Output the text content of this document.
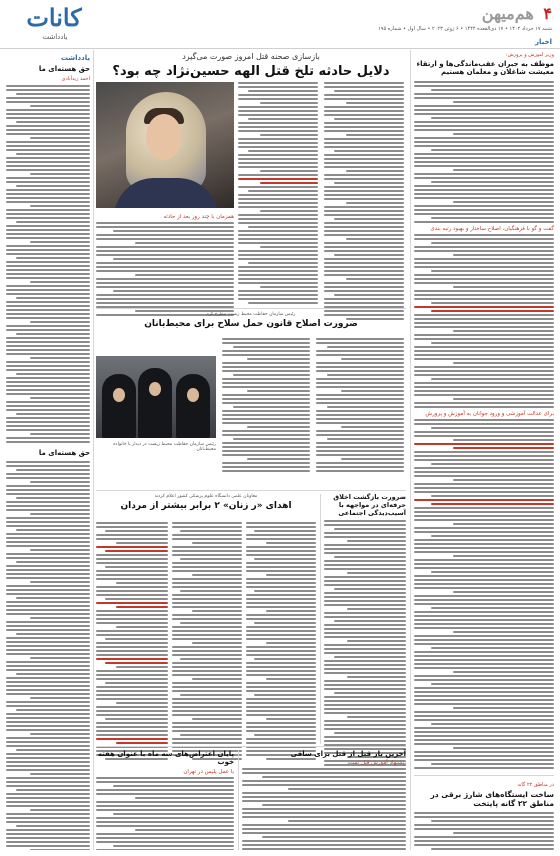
کانات
یادداشت
۴ هم‌میهن
شنبه ۱۷ خرداد ۱۴۰۲ • ۱۷ ذی‌القعده ۱۴۴۴ • ۶ ژوئن ۲۰۲۳ • سال اول • شماره ۱۹۵
اخبار
یادداشت
حق هسته‌ای ما
احمد زیدآبادی
حق هسته‌ای ما
بازسازی صحنه قتل امروز صورت می‌گیرد
دلایل حادثه تلخ قتل الهه حسین‌نژاد چه بود؟
همزمان با چند روز بعد از حادثه
رئیس سازمان حفاظت محیط زیست مطرح کرد
ضرورت اصلاح قانون حمل سلاح برای محیط‌بانان
رئیس سازمان حفاظت محیط زیست در دیدار با خانواده محیط‌بانان
معاونان علمی دانشگاه علوم پزشکی کشور اعلام کردند
اهدای «ر زنان» ۲ برابر بیشتر از مردان
ضرورت بازگشت اخلاق حرفه‌ای در مواجهه با آسیب‌دیدگی اجتماعی
پایان اعتراض‌های سه ماه با عنوان هفته خوب
با عمل پلیس در تهران
آخرین بار قبل از قتل برای ساقی
پیشنهاد آموزش قبل تست
وزیر آموزش و پرورش:
موظف به جبران عقب‌ماندگی‌ها و ارتقاء معیشت شاغلان و معلمان هستیم
گفت و گو با فرهنگیان، اصلاح ساختار و بهبود رتبه بندی
برای عدالت آموزشی و ورود جوانان به آموزش و پرورش
در مناطق ۲۲ گانه
ساخت ایستگاه‌های شارژ برقی در مناطق ۲۲ گانه پایتخت
